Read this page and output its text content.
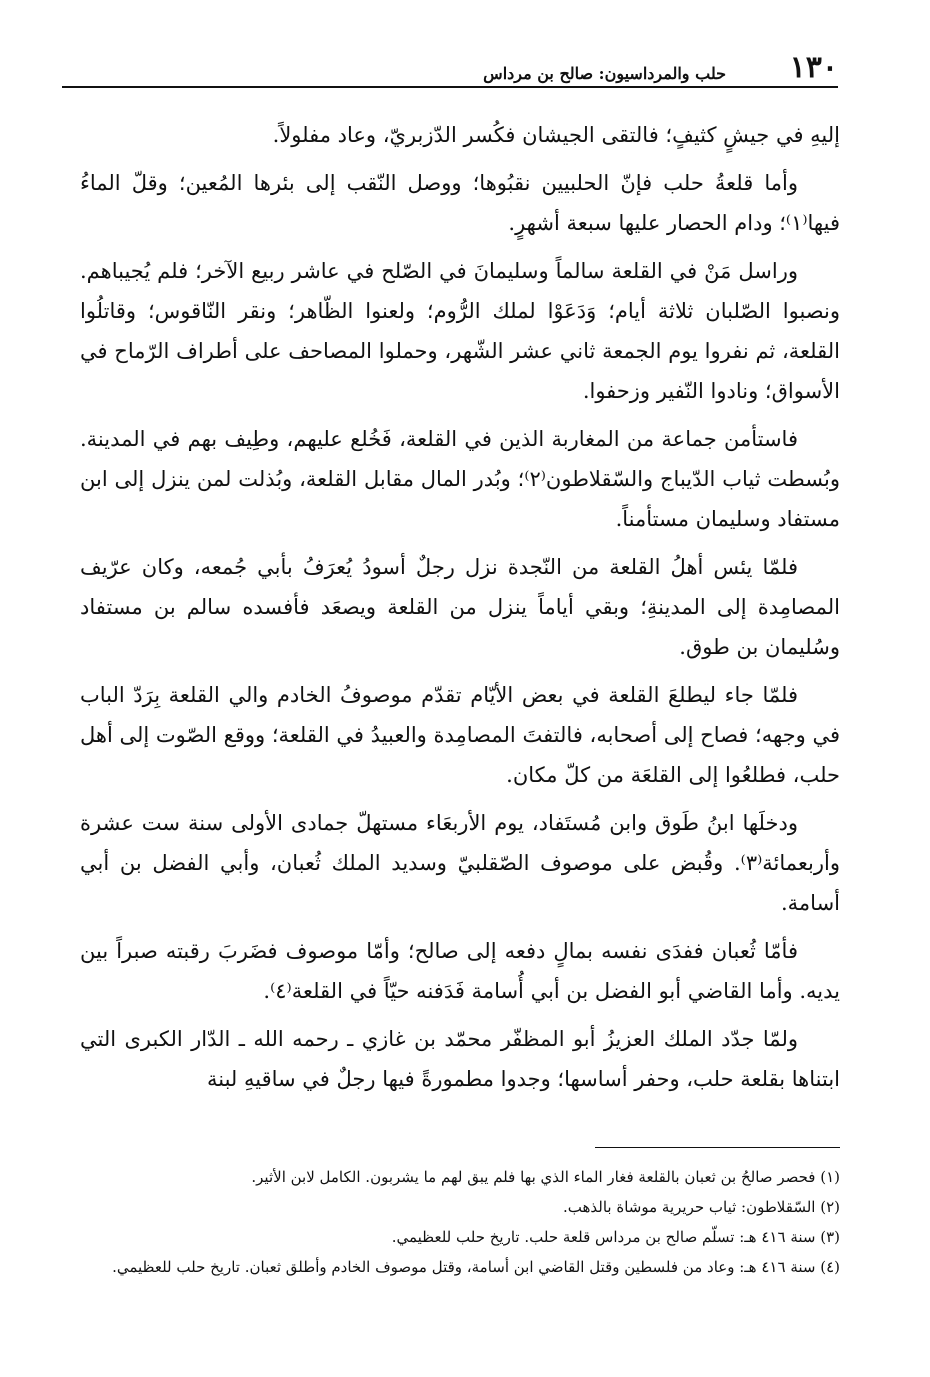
١٣٠
حلب والمرداسيون: صالح بن مرداس

إليهِ في جيشٍ كثيفٍ؛ فالتقى الجيشان فكُسر الدّزبريّ، وعاد مفلولاً.

وأما قلعةُ حلب فإنّ الحلبيين نقبُوها؛ ووصل النّقب إلى بئرها المُعين؛ وقلّ الماءُ فيها⁽١⁾؛ ودام الحصار عليها سبعة أشهرٍ.

وراسل مَنْ في القلعة سالماً وسليمانَ في الصّلح في عاشر ربيع الآخر؛ فلم يُجيباهم. ونصبوا الصّلبان ثلاثة أيام؛ وَدَعَوْا لملك الرُّوم؛ ولعنوا الظّاهر؛ ونقر النّاقوس؛ وقاتلُوا القلعة، ثم نفروا يوم الجمعة ثاني عشر الشّهر، وحملوا المصاحف على أطراف الرّماح في الأسواق؛ ونادوا النّفير وزحفوا.

فاستأمن جماعة من المغاربة الذين في القلعة، فَخُلع عليهم، وطِيف بهم في المدينة. وبُسطت ثياب الدّيباج والسّقلاطون⁽٢⁾؛ وبُدر المال مقابل القلعة، وبُذلت لمن ينزل إلى ابن مستفاد وسليمان مستأمناً.

فلمّا يئس أهلُ القلعة من النّجدة نزل رجلٌ أسودُ يُعرَفُ بأبي جُمعه، وكان عرّيف المصامِدة إلى المدينةِ؛ وبقي أياماً ينزل من القلعة ويصعَد فأفسده سالم بن مستفاد وسُليمان بن طوق.

فلمّا جاء ليطلعَ القلعة في بعض الأيّام تقدّم موصوفُ الخادم والي القلعة بِرَدّ الباب في وجهه؛ فصاح إلى أصحابه، فالتفتَ المصامِدة والعبيدُ في القلعة؛ ووقع الصّوت إلى أهل حلب، فطلعُوا إلى القلعَة من كلّ مكان.

ودخلَها ابنُ طَوق وابن مُستَفاد، يوم الأربعَاء مستهلّ جمادى الأولى سنة ست عشرة وأربعمائة⁽٣⁾. وقُبض على موصوف الصّقلبيّ وسديد الملك ثُعبان، وأبي الفضل بن أبي أسامة.

فأمّا ثُعبان ففدَى نفسه بمالٍ دفعه إلى صالح؛ وأمّا موصوف فضَربَ رقبته صبراً بين يديه. وأما القاضي أبو الفضل بن أبي أُسامة فَدَفنه حيّاً في القلعة⁽٤⁾.

ولمّا جدّد الملك العزيزُ أبو المظفّر محمّد بن غازي ـ رحمه الله ـ الدّار الكبرى التي ابتناها بقلعة حلب، وحفر أساسها؛ وجدوا مطمورةً فيها رجلٌ في ساقيهِ لبنة

(١) فحصر صالحُ بن ثعبان بالقلعة فغار الماء الذي بها فلم يبق لهم ما يشربون. الكامل لابن الأثير.

(٢) السّقلاطون: ثياب حريرية موشاة بالذهب.

(٣) سنة ٤١٦ هـ: تسلّم صالح بن مرداس قلعة حلب. تاريخ حلب للعظيمي.

(٤) سنة ٤١٦ هـ: وعاد من فلسطين وقتل القاضي ابن أسامة، وقتل موصوف الخادم وأطلق ثعبان. تاريخ حلب للعظيمي.
